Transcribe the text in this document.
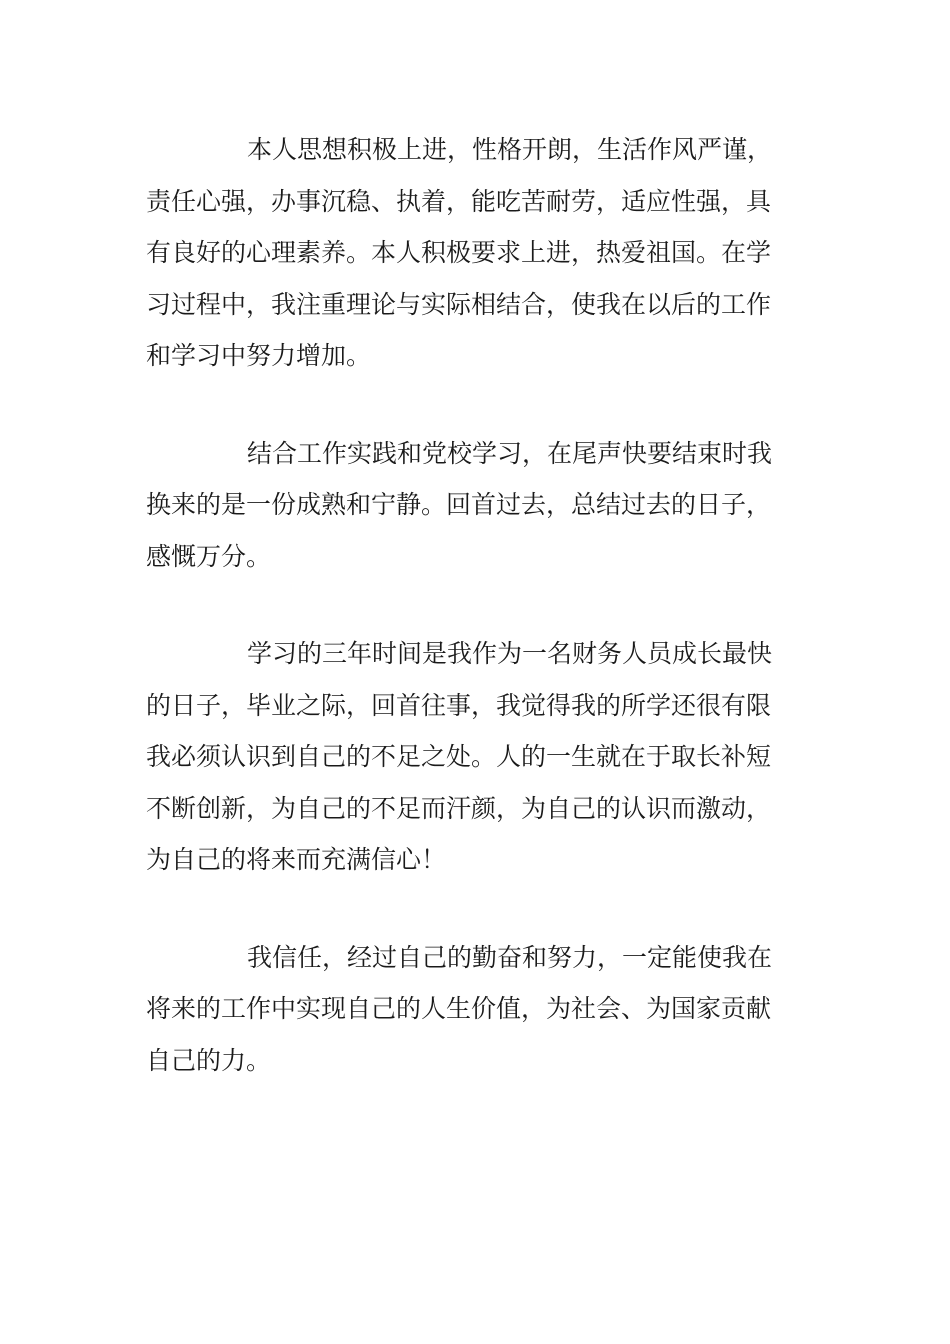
本人思想积极上进，性格开朗，生活作风严谨，
责任心强，办事沉稳、执着，能吃苦耐劳，适应性强，具
有良好的心理素养。本人积极要求上进，热爱祖国。在学
习过程中，我注重理论与实际相结合，使我在以后的工作
和学习中努力增加。

结合工作实践和党校学习，在尾声快要结束时我
换来的是一份成熟和宁静。回首过去，总结过去的日子，
感慨万分。

学习的三年时间是我作为一名财务人员成长最快
的日子，毕业之际，回首往事，我觉得我的所学还很有限
我必须认识到自己的不足之处。人的一生就在于取长补短
不断创新，为自己的不足而汗颜，为自己的认识而激动，
为自己的将来而充满信心！

我信任，经过自己的勤奋和努力，一定能使我在
将来的工作中实现自己的人生价值，为社会、为国家贡献
自己的力。
